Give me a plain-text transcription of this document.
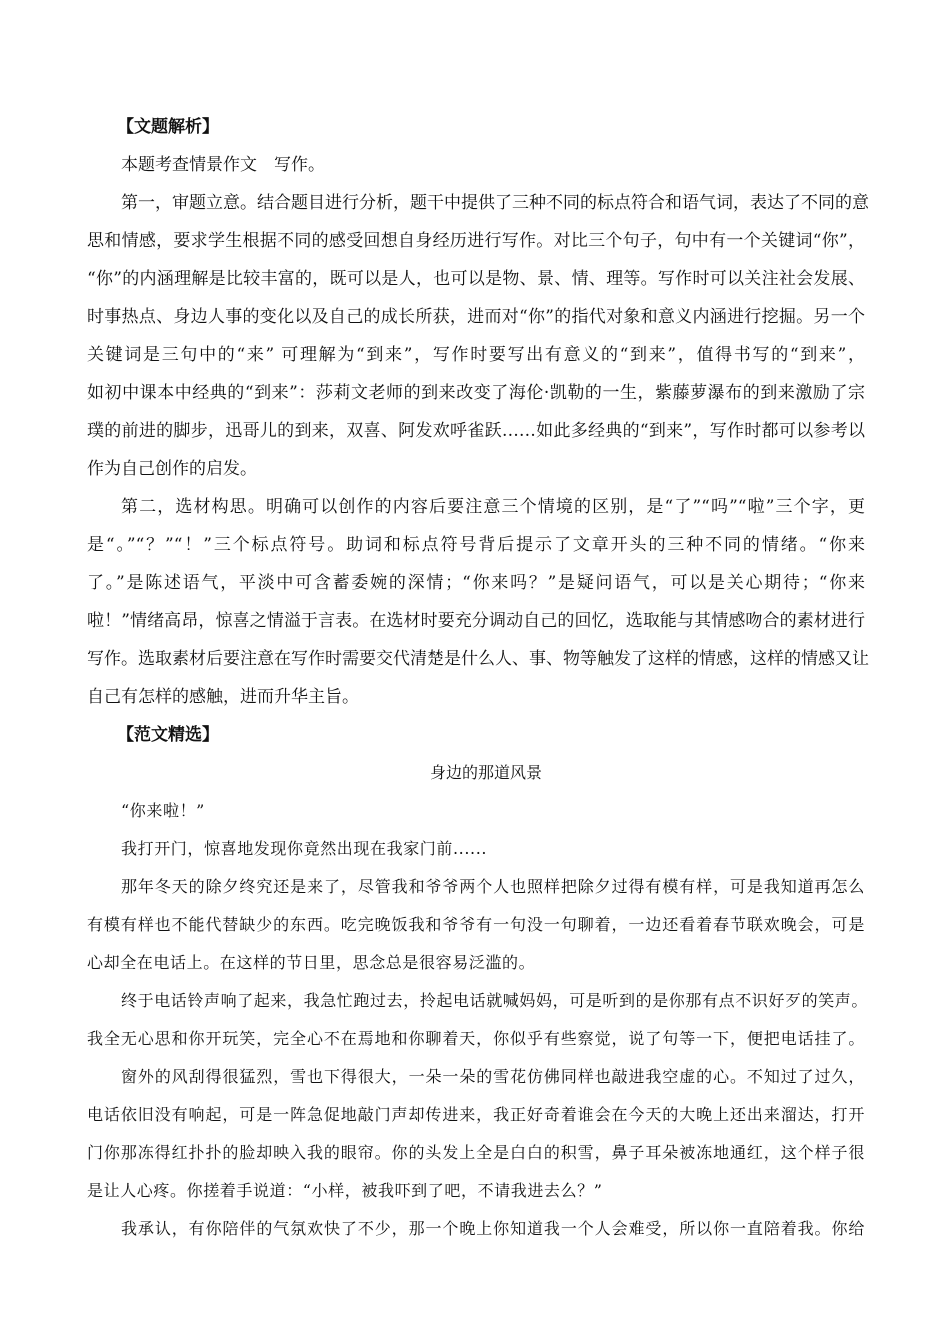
【文题解析】
本题考查情景作文　写作。
第一，审题立意。结合题目进行分析，题干中提供了三种不同的标点符合和语气词，表达了不同的意
思和情感，要求学生根据不同的感受回想自身经历进行写作。对比三个句子，句中有一个关键词“你”，
“你”的内涵理解是比较丰富的，既可以是人，也可以是物、景、情、理等。写作时可以关注社会发展、
时事热点、身边人事的变化以及自己的成长所获，进而对“你”的指代对象和意义内涵进行挖掘。另一个
关键词是三句中的“来” 可理解为“到来”，写作时要写出有意义的“到来”，值得书写的“到来”，
如初中课本中经典的“到来”：莎莉文老师的到来改变了海伦·凯勒的一生，紫藤萝瀑布的到来激励了宗
璞的前进的脚步，迅哥儿的到来，双喜、阿发欢呼雀跃……如此多经典的“到来”，写作时都可以参考以
作为自己创作的启发。
第二，选材构思。明确可以创作的内容后要注意三个情境的区别，是“了”“吗”“啦”三个字，更
是“。”“？”“！”三个标点符号。助词和标点符号背后提示了文章开头的三种不同的情绪。“你来
了。”是陈述语气，平淡中可含蓄委婉的深情；“你来吗？”是疑问语气，可以是关心期待；“你来
啦！”情绪高昂，惊喜之情溢于言表。在选材时要充分调动自己的回忆，选取能与其情感吻合的素材进行
写作。选取素材后要注意在写作时需要交代清楚是什么人、事、物等触发了这样的情感，这样的情感又让
自己有怎样的感触，进而升华主旨。
【范文精选】
身边的那道风景
“你来啦！”
我打开门，惊喜地发现你竟然出现在我家门前......
那年冬天的除夕终究还是来了，尽管我和爷爷两个人也照样把除夕过得有模有样，可是我知道再怎么
有模有样也不能代替缺少的东西。吃完晚饭我和爷爷有一句没一句聊着，一边还看着春节联欢晚会，可是
心却全在电话上。在这样的节日里，思念总是很容易泛滥的。
终于电话铃声响了起来，我急忙跑过去，拎起电话就喊妈妈，可是听到的是你那有点不识好歹的笑声。
我全无心思和你开玩笑，完全心不在焉地和你聊着天，你似乎有些察觉，说了句等一下，便把电话挂了。
窗外的风刮得很猛烈，雪也下得很大，一朵一朵的雪花仿佛同样也敲进我空虚的心。不知过了过久，
电话依旧没有响起，可是一阵急促地敲门声却传进来，我正好奇着谁会在今天的大晚上还出来溜达，打开
门你那冻得红扑扑的脸却映入我的眼帘。你的头发上全是白白的积雪，鼻子耳朵被冻地通红，这个样子很
是让人心疼。你搓着手说道：“小样，被我吓到了吧，不请我进去么？”
我承认，有你陪伴的气氛欢快了不少，那一个晚上你知道我一个人会难受，所以你一直陪着我。你给
